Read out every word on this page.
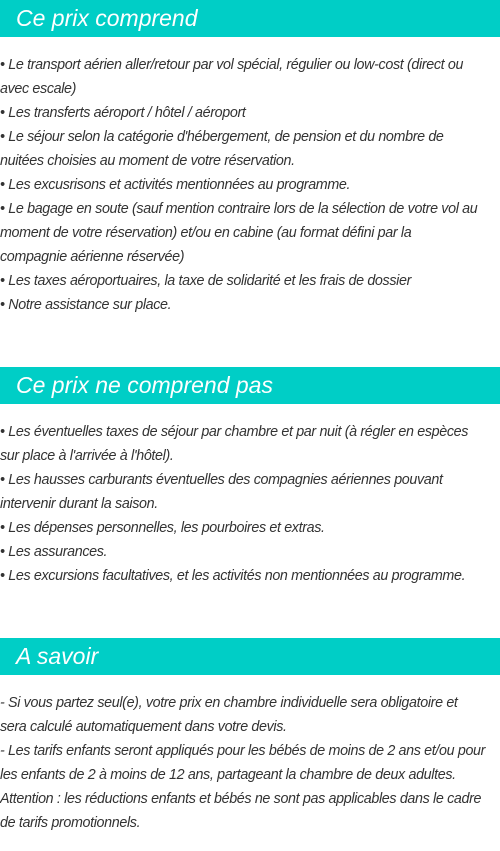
Ce prix comprend
• Le transport aérien aller/retour par vol spécial, régulier ou low-cost (direct ou
avec escale)
• Les transferts aéroport / hôtel / aéroport
• Le séjour selon la catégorie d'hébergement, de pension et du nombre de
nuitées choisies au moment de votre réservation.
• Les excusrisons et activités mentionnées au programme.
• Le bagage en soute (sauf mention contraire lors de la sélection de votre vol au
moment de votre réservation) et/ou en cabine (au format défini par la
compagnie aérienne réservée)
• Les taxes aéroportuaires, la taxe de solidarité et les frais de dossier
• Notre assistance sur place.
Ce prix ne comprend pas
• Les éventuelles taxes de séjour par chambre et par nuit (à régler en espèces
sur place à l'arrivée à l'hôtel).
• Les hausses carburants éventuelles des compagnies aériennes pouvant
intervenir durant la saison.
• Les dépenses personnelles, les pourboires et extras.
• Les assurances.
• Les excursions facultatives, et les activités non mentionnées au programme.
A savoir
- Si vous partez seul(e), votre prix en chambre individuelle sera obligatoire et
sera calculé automatiquement dans votre devis.
- Les tarifs enfants seront appliqués pour les bébés de moins de 2 ans et/ou pour
les enfants de 2 à moins de 12 ans, partageant la chambre de deux adultes.
Attention : les réductions enfants et bébés ne sont pas applicables dans le cadre
de tarifs promotionnels.
